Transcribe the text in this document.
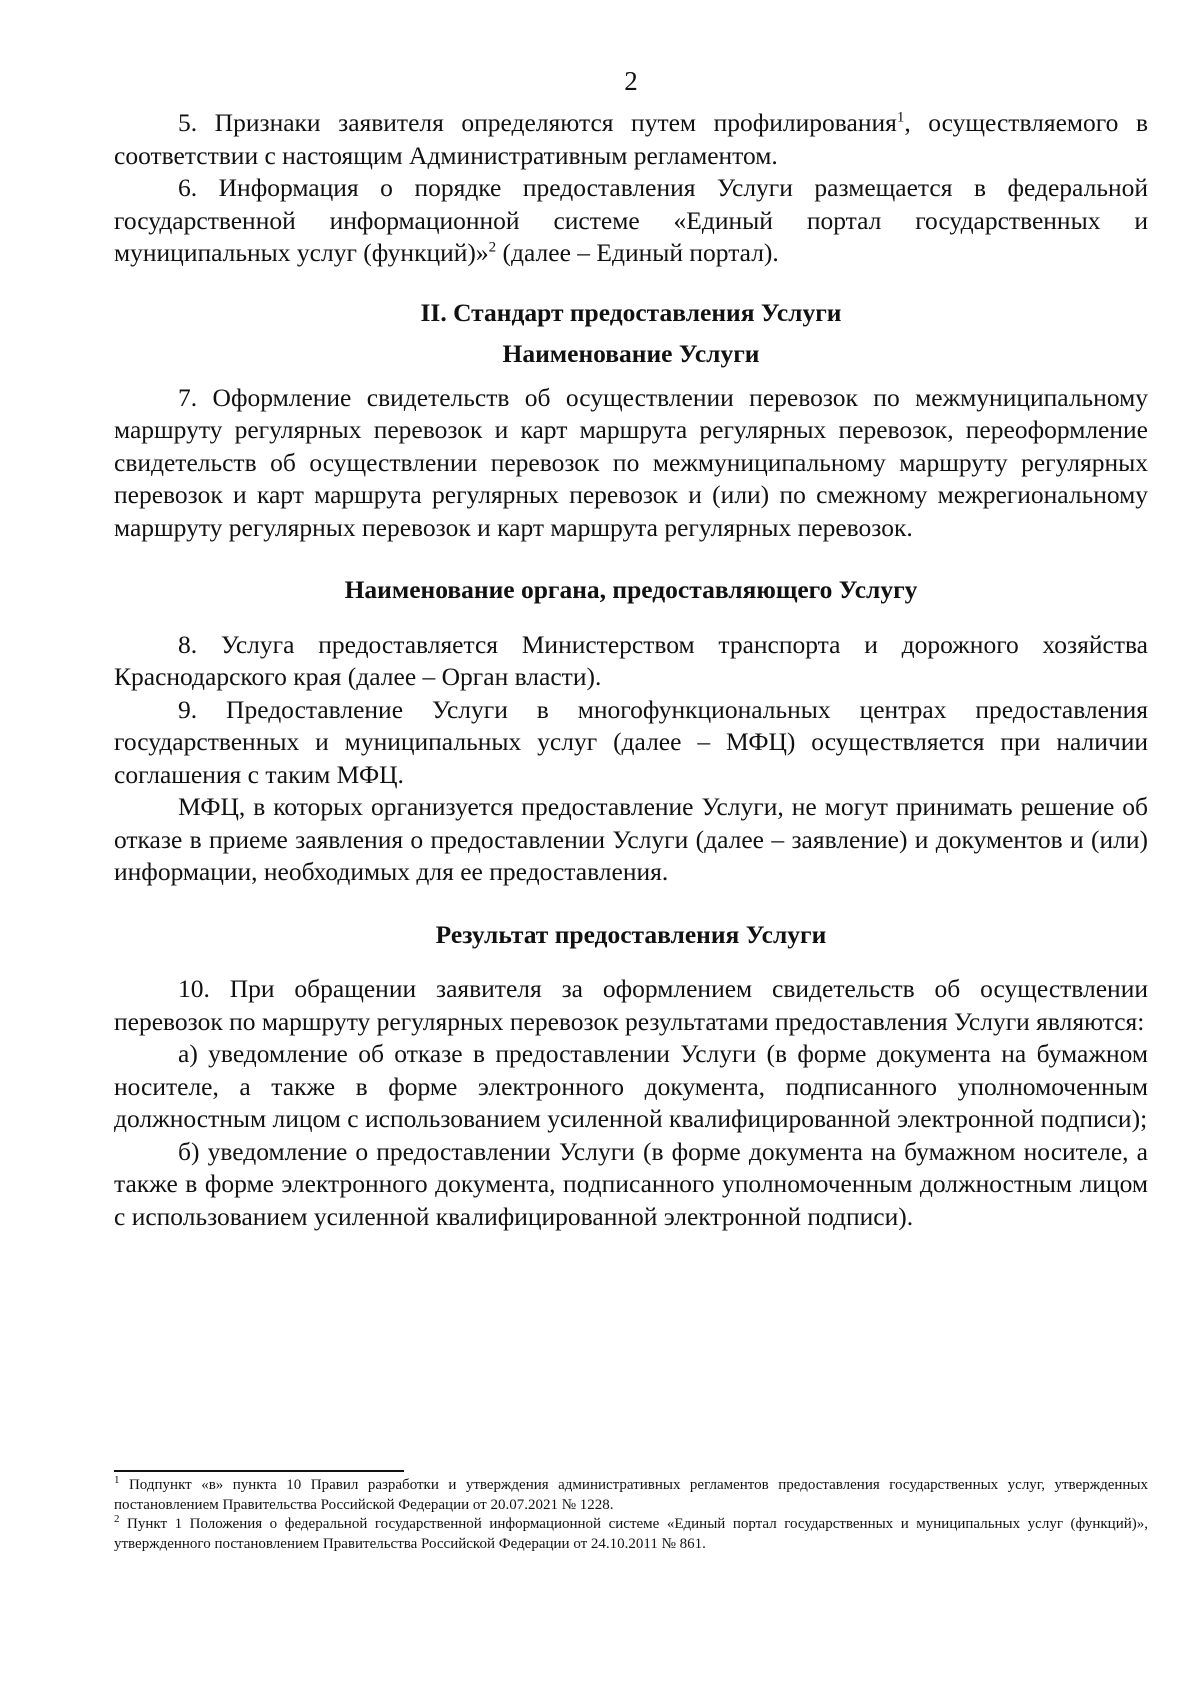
2

5. Признаки заявителя определяются путем профилирования$^1$, осуществляемого в соответствии с настоящим Административным регламентом.

6. Информация о порядке предоставления Услуги размещается в федеральной государственной информационной системе «Единый портал государственных и муниципальных услуг (функций)»$^2$ (далее – Единый портал).

II. Стандарт предоставления Услуги
Наименование Услуги

7. Оформление свидетельств об осуществлении перевозок по межмуниципальному маршруту регулярных перевозок и карт маршрута регулярных перевозок, переоформление свидетельств об осуществлении перевозок по межмуниципальному маршруту регулярных перевозок и карт маршрута регулярных перевозок и (или) по смежному межрегиональному маршруту регулярных перевозок и карт маршрута регулярных перевозок.

Наименование органа, предоставляющего Услугу

8. Услуга предоставляется Министерством транспорта и дорожного хозяйства Краснодарского края (далее – Орган власти).

9. Предоставление Услуги в многофункциональных центрах предоставления государственных и муниципальных услуг (далее – МФЦ) осуществляется при наличии соглашения с таким МФЦ.

МФЦ, в которых организуется предоставление Услуги, не могут принимать решение об отказе в приеме заявления о предоставлении Услуги (далее – заявление) и документов и (или) информации, необходимых для ее предоставления.

Результат предоставления Услуги

10. При обращении заявителя за оформлением свидетельств об осуществлении перевозок по маршруту регулярных перевозок результатами предоставления Услуги являются:

а) уведомление об отказе в предоставлении Услуги (в форме документа на бумажном носителе, а также в форме электронного документа, подписанного уполномоченным должностным лицом с использованием усиленной квалифицированной электронной подписи);

б) уведомление о предоставлении Услуги (в форме документа на бумажном носителе, а также в форме электронного документа, подписанного уполномоченным должностным лицом с использованием усиленной квалифицированной электронной подписи).

$^1$ Подпункт «в» пункта 10 Правил разработки и утверждения административных регламентов предоставления государственных услуг, утвержденных постановлением Правительства Российской Федерации от 20.07.2021 № 1228.

$^2$ Пункт 1 Положения о федеральной государственной информационной системе «Единый портал государственных и муниципальных услуг (функций)», утвержденного постановлением Правительства Российской Федерации от 24.10.2011 № 861.
